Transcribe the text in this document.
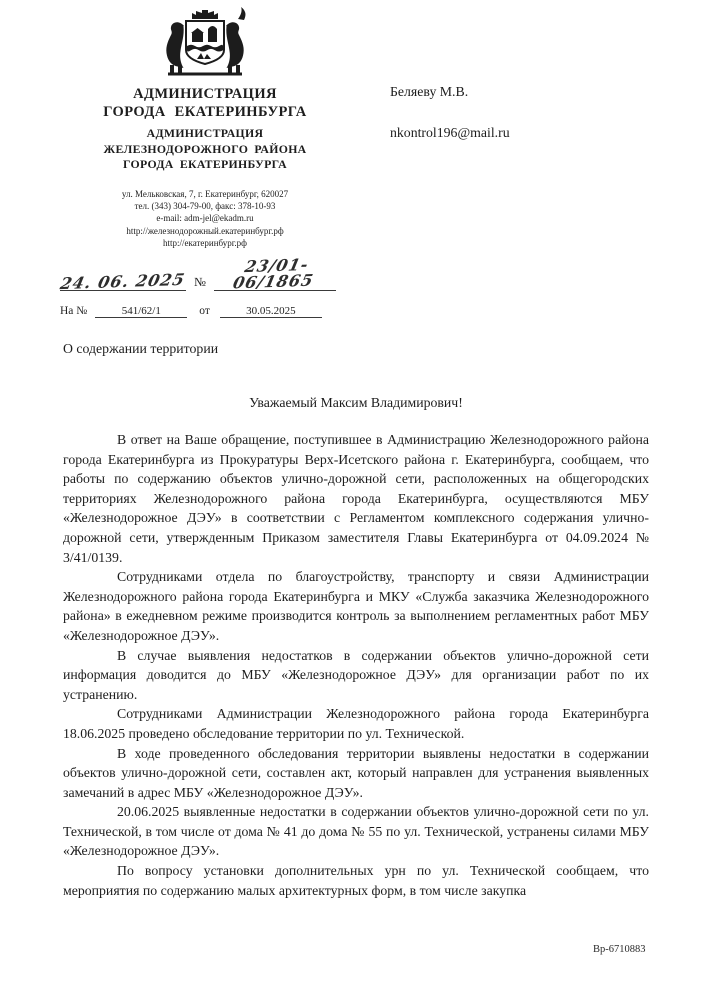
АДМИНИСТРАЦИЯ
ГОРОДА ЕКАТЕРИНБУРГА
АДМИНИСТРАЦИЯ
ЖЕЛЕЗНОДОРОЖНОГО РАЙОНА
ГОРОДА ЕКАТЕРИНБУРГА
ул. Мельковская, 7, г. Екатеринбург, 620027
тел. (343) 304-79-00, факс: 378-10-93
e-mail: adm-jel@ekadm.ru
http://железнодорожный.екатеринбург.рф
http://екатеринбург.рф
24. 06. 2025 №
23/01-06/1865
На №	541/62/1	от	30.05.2025
Беляеву М.В.
nkontrol196@mail.ru
О содержании территории
Уважаемый Максим Владимирович!

В ответ на Ваше обращение, поступившее в Администрацию Железнодорожного района города Екатеринбурга из Прокуратуры Верх-Исетского района г. Екатеринбурга, сообщаем, что работы по содержанию объектов улично-дорожной сети, расположенных на общегородских территориях Железнодорожного района города Екатеринбурга, осуществляются МБУ «Железнодорожное ДЭУ» в соответствии с Регламентом комплексного содержания улично-дорожной сети, утвержденным Приказом заместителя Главы Екатеринбурга от 04.09.2024 № 3/41/0139.

Сотрудниками отдела по благоустройству, транспорту и связи Администрации Железнодорожного района города Екатеринбурга и МКУ «Служба заказчика Железнодорожного района» в ежедневном режиме производится контроль за выполнением регламентных работ МБУ «Железнодорожное ДЭУ».

В случае выявления недостатков в содержании объектов улично-дорожной сети информация доводится до МБУ «Железнодорожное ДЭУ» для организации работ по их устранению.

Сотрудниками Администрации Железнодорожного района города Екатеринбурга 18.06.2025 проведено обследование территории по ул. Технической.

В ходе проведенного обследования территории выявлены недостатки в содержании объектов улично-дорожной сети, составлен акт, который направлен для устранения выявленных замечаний в адрес МБУ «Железнодорожное ДЭУ».

20.06.2025 выявленные недостатки в содержании объектов улично-дорожной сети по ул. Технической, в том числе от дома № 41 до дома № 55 по ул. Технической, устранены силами МБУ «Железнодорожное ДЭУ».

По вопросу установки дополнительных урн по ул. Технической сообщаем, что мероприятия по содержанию малых архитектурных форм, в том числе закупка

Вр-6710883
